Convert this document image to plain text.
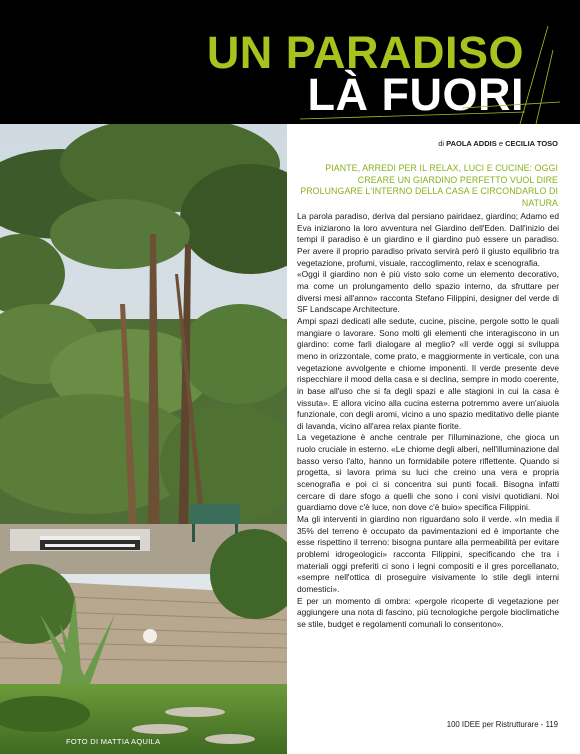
UN PARADISO
LÀ FUORI
FOTO DI MATTIA AQUILA
di PAOLA ADDIS e CECILIA TOSO
PIANTE, ARREDI PER IL RELAX, LUCI E CUCINE: OGGI CREARE UN GIARDINO PERFETTO VUOL DIRE PROLUNGARE L'INTERNO DELLA CASA E CIRCONDARLO DI NATURA

La parola paradiso, deriva dal persiano pairidaez, giardino; Adamo ed Eva iniziarono la loro avventura nel Giardino dell'Eden. Dall'inizio dei tempi il paradiso è un giardino e il giardino può essere un paradiso. Per avere il proprio paradiso privato servirà però il giusto equilibrio tra vegetazione, profumi, visuale, raccoglimento, relax e scenografia.

«Oggi il giardino non è più visto solo come un elemento decorativo, ma come un prolungamento dello spazio interno, da sfruttare per diversi mesi all'anno» racconta Stefano Filippini, designer del verde di SF Landscape Architecture.

Ampi spazi dedicati alle sedute, cucine, piscine, pergole sotto le quali mangiare o lavorare. Sono molti gli elementi che interagiscono in un giardino: come farli dialogare al meglio? «Il verde oggi si sviluppa meno in orizzontale, come prato, e maggiormente in verticale, con una vegetazione avvolgente e chiome imponenti. Il verde presente deve rispecchiare il mood della casa e si declina, sempre in modo coerente, in base all'uso che si fa degli spazi e alle stagioni in cui la casa è vissuta». E allora vicino alla cucina esterna potremmo avere un'aiuola funzionale, con degli aromi, vicino a uno spazio meditativo delle piante di lavanda, vicino all'area relax piante fiorite.

La vegetazione è anche centrale per l'illuminazione, che gioca un ruolo cruciale in esterno. «Le chiome degli alberi, nell'illuminazione dal basso verso l'alto, hanno un formidabile potere riflettente. Quando si progetta, si lavora prima su luci che creino una vera e propria scenografia e poi ci si concentra sui punti focali. Bisogna infatti cercare di dare sfogo a quelli che sono i coni visivi quotidiani. Noi guardiamo dove c'è luce, non dove c'è buio» specifica Filippini.

Ma gli interventi in giardino non riguardano solo il verde. «In media il 35% del terreno è occupato da pavimentazioni ed è importante che esse rispettino il terreno: bisogna puntare alla permeabilità per evitare problemi idrogeologici» racconta Filippini, specificando che tra i materiali oggi preferiti ci sono i legni compositi e il gres porcellanato, «sempre nell'ottica di proseguire visivamente lo stile degli interni domestici».

E per un momento di ombra: «pergole ricoperte di vegetazione per aggiungere una nota di fascino, più tecnologiche pergole bioclimatiche se stile, budget e regolamenti comunali lo consentono».

100 IDEE per Ristrutturare - 119
